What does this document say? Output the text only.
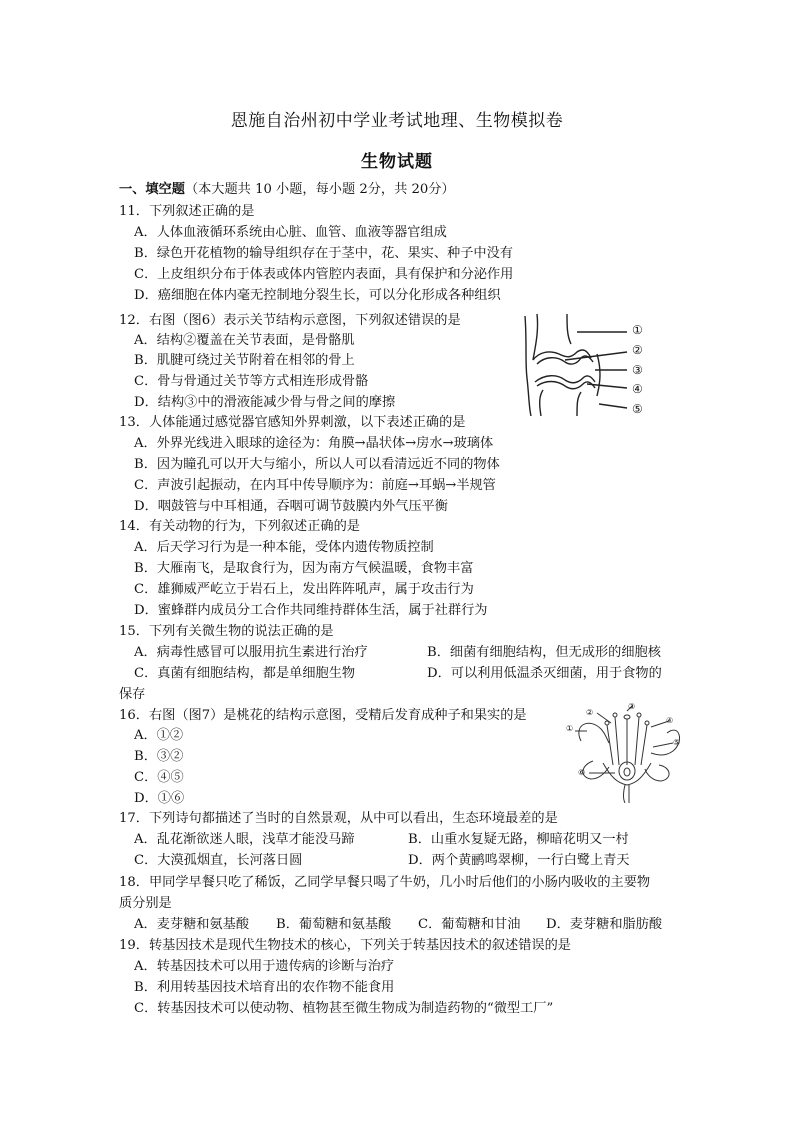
恩施自治州初中学业考试地理、生物模拟卷
生物试题
一、填空题（本大题共 10 小题，每小题 2分，共 20分）
11．下列叙述正确的是
A．人体血液循环系统由心脏、血管、血液等器官组成
B．绿色开花植物的输导组织存在于茎中，花、果实、种子中没有
C．上皮组织分布于体表或体内管腔内表面，具有保护和分泌作用
D．癌细胞在体内毫无控制地分裂生长，可以分化形成各种组织
12．右图（图6）表示关节结构示意图，下列叙述错误的是
A．结构②覆盖在关节表面，是骨骼肌
B．肌腱可绕过关节附着在相邻的骨上
C．骨与骨通过关节等方式相连形成骨骼
D．结构③中的滑液能减少骨与骨之间的摩擦
①
②
③
④
⑤
13．人体能通过感觉器官感知外界刺激，以下表述正确的是
A．外界光线进入眼球的途径为：角膜→晶状体→房水→玻璃体
B．因为瞳孔可以开大与缩小，所以人可以看清远近不同的物体
C．声波引起振动，在内耳中传导顺序为：前庭→耳蜗→半规管
D．咽鼓管与中耳相通，吞咽可调节鼓膜内外气压平衡
14．有关动物的行为，下列叙述正确的是
A．后天学习行为是一种本能，受体内遗传物质控制
B．大雁南飞，是取食行为，因为南方气候温暖，食物丰富
C．雄狮威严屹立于岩石上，发出阵阵吼声，属于攻击行为
D．蜜蜂群内成员分工合作共同维持群体生活，属于社群行为
15．下列有关微生物的说法正确的是
A．病毒性感冒可以服用抗生素进行治疗	B．细菌有细胞结构，但无成形的细胞核
C．真菌有细胞结构，都是单细胞生物	D．可以利用低温杀灭细菌，用于食物的
保存
16．右图（图7）是桃花的结构示意图，受精后发育成种子和果实的是
A．①②
B．③②
C．④⑤
D．①⑥
①
②
③
④
⑤
⑥
17．下列诗句都描述了当时的自然景观，从中可以看出，生态环境最差的是
A．乱花渐欲迷人眼，浅草才能没马蹄	B．山重水复疑无路，柳暗花明又一村
C．大漠孤烟直，长河落日圆	D．两个黄鹂鸣翠柳，一行白鹭上青天
18．甲同学早餐只吃了稀饭，乙同学早餐只喝了牛奶，几小时后他们的小肠内吸收的主要物
质分别是
A．麦芽糖和氨基酸 B．葡萄糖和氨基酸 C．葡萄糖和甘油 D．麦芽糖和脂肪酸
19．转基因技术是现代生物技术的核心，下列关于转基因技术的叙述错误的是
A．转基因技术可以用于遗传病的诊断与治疗
B．利用转基因技术培育出的农作物不能食用
C．转基因技术可以使动物、植物甚至微生物成为制造药物的“微型工厂”
